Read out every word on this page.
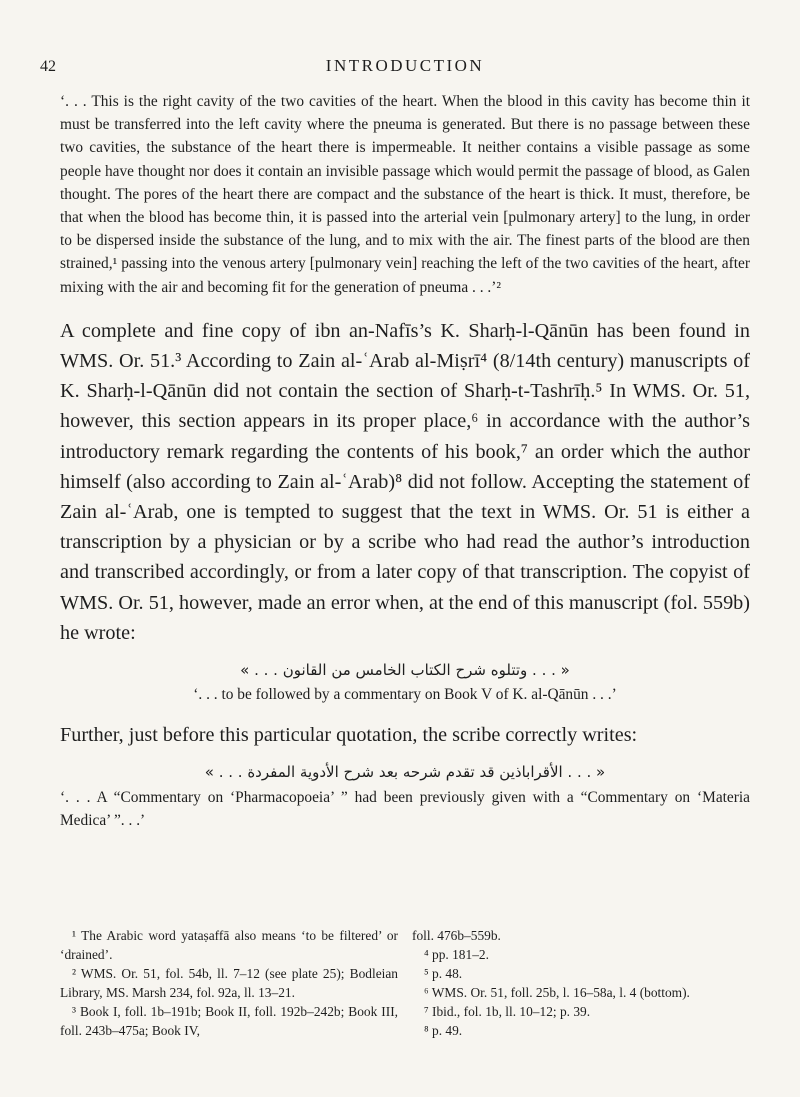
42	INTRODUCTION
‘. . . This is the right cavity of the two cavities of the heart. When the blood in this cavity has become thin it must be transferred into the left cavity where the pneuma is generated. But there is no passage between these two cavities, the substance of the heart there is impermeable. It neither contains a visible passage as some people have thought nor does it contain an invisible passage which would permit the passage of blood, as Galen thought. The pores of the heart there are compact and the substance of the heart is thick. It must, therefore, be that when the blood has become thin, it is passed into the arterial vein [pulmonary artery] to the lung, in order to be dispersed inside the substance of the lung, and to mix with the air. The finest parts of the blood are then strained,¹ passing into the venous artery [pulmonary vein] reaching the left of the two cavities of the heart, after mixing with the air and becoming fit for the generation of pneuma . . .’²

A complete and fine copy of ibn an-Nafīs’s K. Sharḥ-l-Qānūn has been found in WMS. Or. 51.³ According to Zain al-ʿArab al-Miṣrī⁴ (8/14th century) manuscripts of K. Sharḥ-l-Qānūn did not contain the section of Sharḥ-t-Tashrīḥ.⁵ In WMS. Or. 51, however, this section appears in its proper place,⁶ in accordance with the author’s introductory remark regarding the contents of his book,⁷ an order which the author himself (also according to Zain al-ʿArab)⁸ did not follow. Accepting the statement of Zain al-ʿArab, one is tempted to suggest that the text in WMS. Or. 51 is either a transcription by a physician or by a scribe who had read the author’s introduction and transcribed accordingly, or from a later copy of that transcription. The copyist of WMS. Or. 51, however, made an error when, at the end of this manuscript (fol. 559b) he wrote:

« . . . وتتلوه شرح الكتاب الخامس من القانون . . . »
‘. . . to be followed by a commentary on Book V of K. al-Qānūn . . .’
Further, just before this particular quotation, the scribe correctly writes:
« . . . الأقراباذين قد تقدم شرحه بعد شرح الأدوية المفردة . . . »
‘. . . A “Commentary on ‘Pharmacopoeia’ ” had been previously given with a “Commentary on ‘Materia Medica’ ”. . .’
¹ The Arabic word yataṣaffā also means ‘to be filtered’ or ‘drained’.
² WMS. Or. 51, fol. 54b, ll. 7–12 (see plate 25); Bodleian Library, MS. Marsh 234, fol. 92a, ll. 13–21.
³ Book I, foll. 1b–191b; Book II, foll. 192b–242b; Book III, foll. 243b–475a; Book IV,
foll. 476b–559b.
⁴ pp. 181–2.
⁵ p. 48.
⁶ WMS. Or. 51, foll. 25b, l. 16–58a, l. 4 (bottom).
⁷ Ibid., fol. 1b, ll. 10–12; p. 39.
⁸ p. 49.
